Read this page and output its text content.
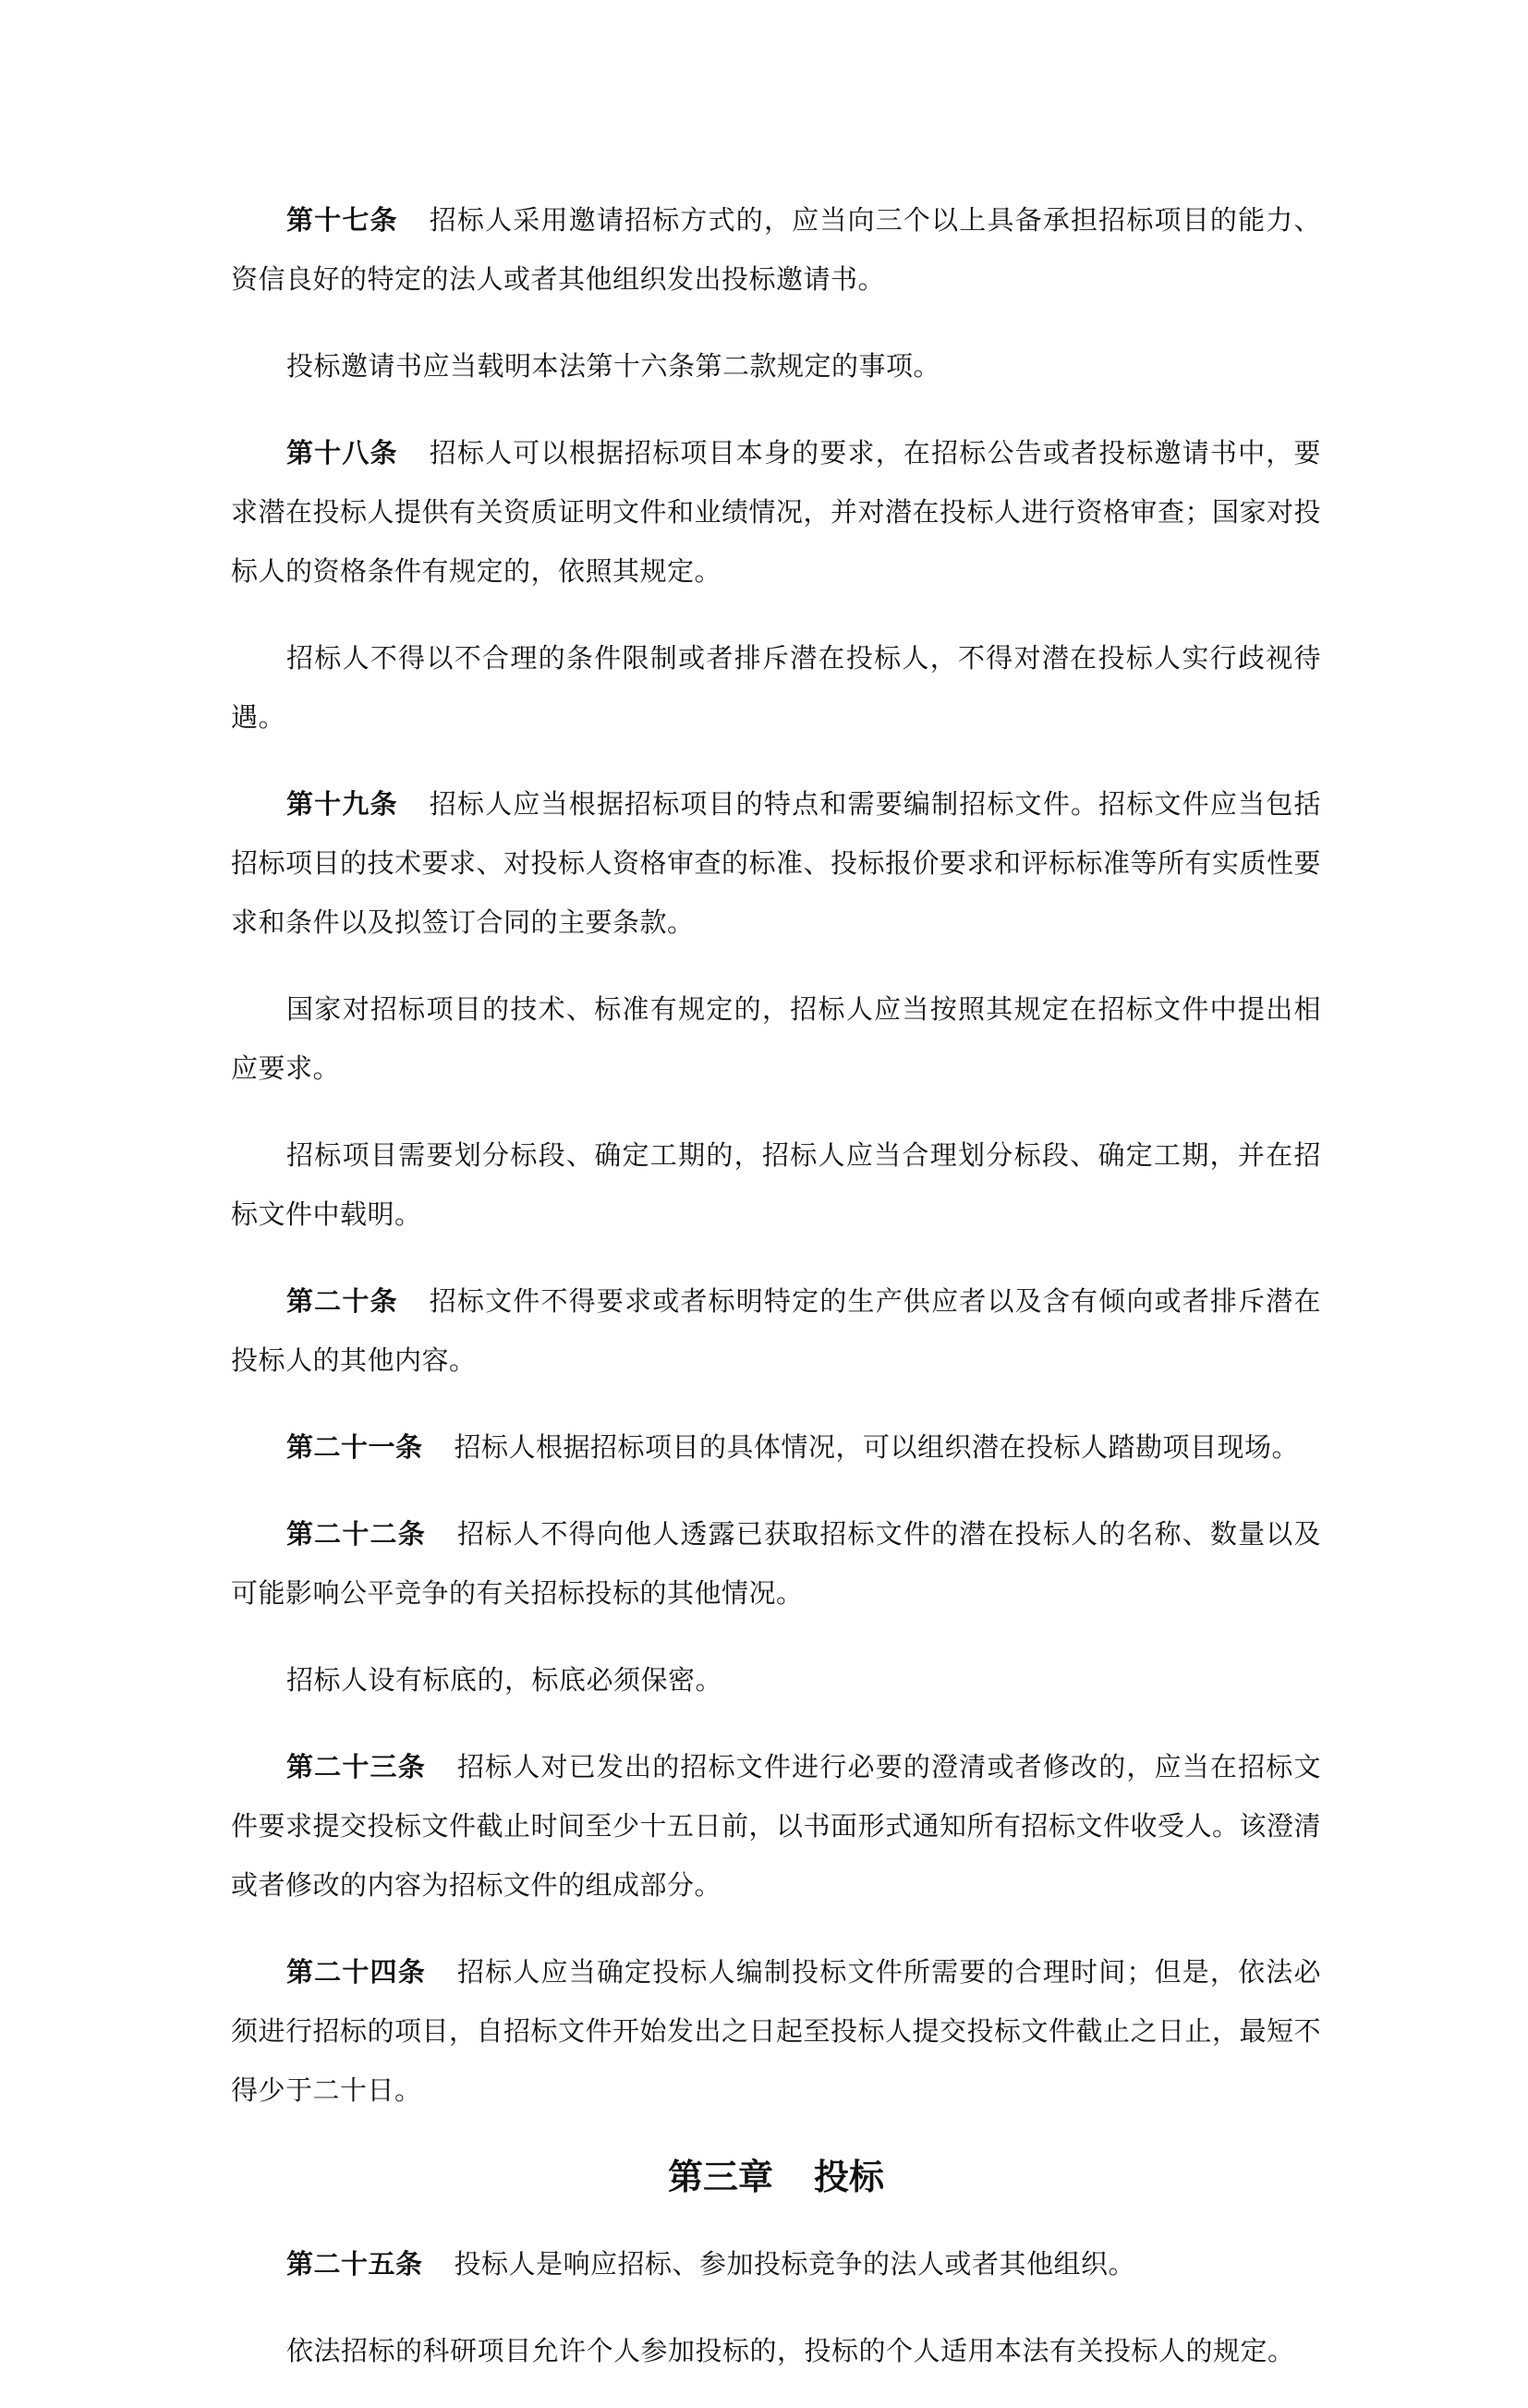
第十七条 招标人采用邀请招标方式的，应当向三个以上具备承担招标项目的能力、资信良好的特定的法人或者其他组织发出投标邀请书。

投标邀请书应当载明本法第十六条第二款规定的事项。

第十八条 招标人可以根据招标项目本身的要求，在招标公告或者投标邀请书中，要求潜在投标人提供有关资质证明文件和业绩情况，并对潜在投标人进行资格审查；国家对投标人的资格条件有规定的，依照其规定。

招标人不得以不合理的条件限制或者排斥潜在投标人，不得对潜在投标人实行歧视待遇。

第十九条 招标人应当根据招标项目的特点和需要编制招标文件。招标文件应当包括招标项目的技术要求、对投标人资格审查的标准、投标报价要求和评标标准等所有实质性要求和条件以及拟签订合同的主要条款。

国家对招标项目的技术、标准有规定的，招标人应当按照其规定在招标文件中提出相应要求。

招标项目需要划分标段、确定工期的，招标人应当合理划分标段、确定工期，并在招标文件中载明。

第二十条 招标文件不得要求或者标明特定的生产供应者以及含有倾向或者排斥潜在投标人的其他内容。

第二十一条 招标人根据招标项目的具体情况，可以组织潜在投标人踏勘项目现场。

第二十二条 招标人不得向他人透露已获取招标文件的潜在投标人的名称、数量以及可能影响公平竞争的有关招标投标的其他情况。

招标人设有标底的，标底必须保密。

第二十三条 招标人对已发出的招标文件进行必要的澄清或者修改的，应当在招标文件要求提交投标文件截止时间至少十五日前，以书面形式通知所有招标文件收受人。该澄清或者修改的内容为招标文件的组成部分。

第二十四条 招标人应当确定投标人编制投标文件所需要的合理时间；但是，依法必须进行招标的项目，自招标文件开始发出之日起至投标人提交投标文件截止之日止，最短不得少于二十日。

第三章 投标

第二十五条 投标人是响应招标、参加投标竞争的法人或者其他组织。

依法招标的科研项目允许个人参加投标的，投标的个人适用本法有关投标人的规定。
